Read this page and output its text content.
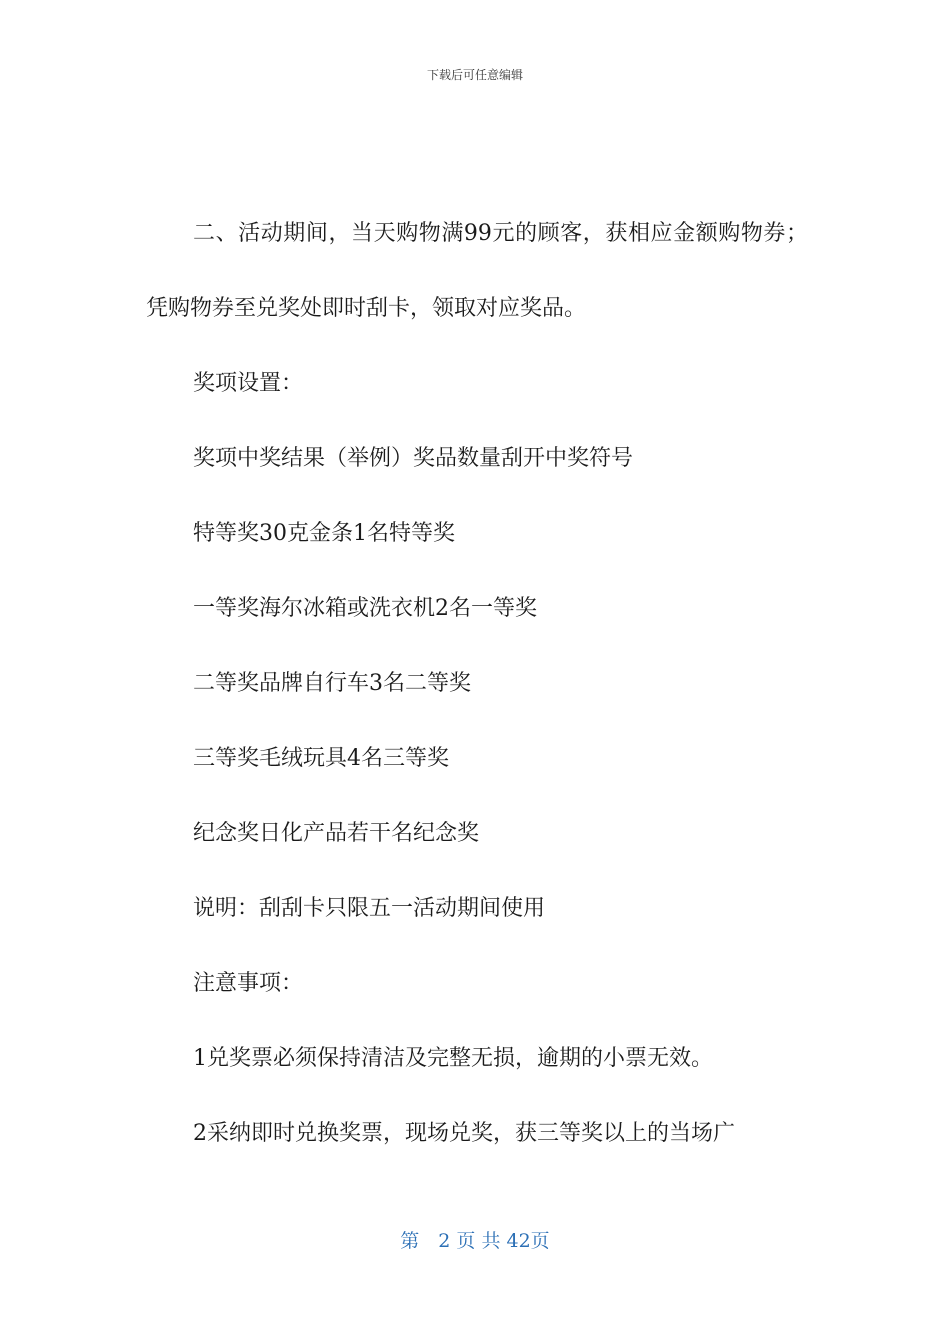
下载后可任意编辑

二、活动期间，当天购物满99元的顾客，获相应金额购物券；凭购物券至兑奖处即时刮卡，领取对应奖品。

奖项设置：

奖项中奖结果（举例）奖品数量刮开中奖符号

特等奖30克金条1名特等奖

一等奖海尔冰箱或洗衣机2名一等奖

二等奖品牌自行车3名二等奖

三等奖毛绒玩具4名三等奖

纪念奖日化产品若干名纪念奖

说明：刮刮卡只限五一活动期间使用

注意事项：

1兑奖票必须保持清洁及完整无损，逾期的小票无效。

2采纳即时兑换奖票，现场兑奖，获三等奖以上的当场广

第　2 页 共 42页
